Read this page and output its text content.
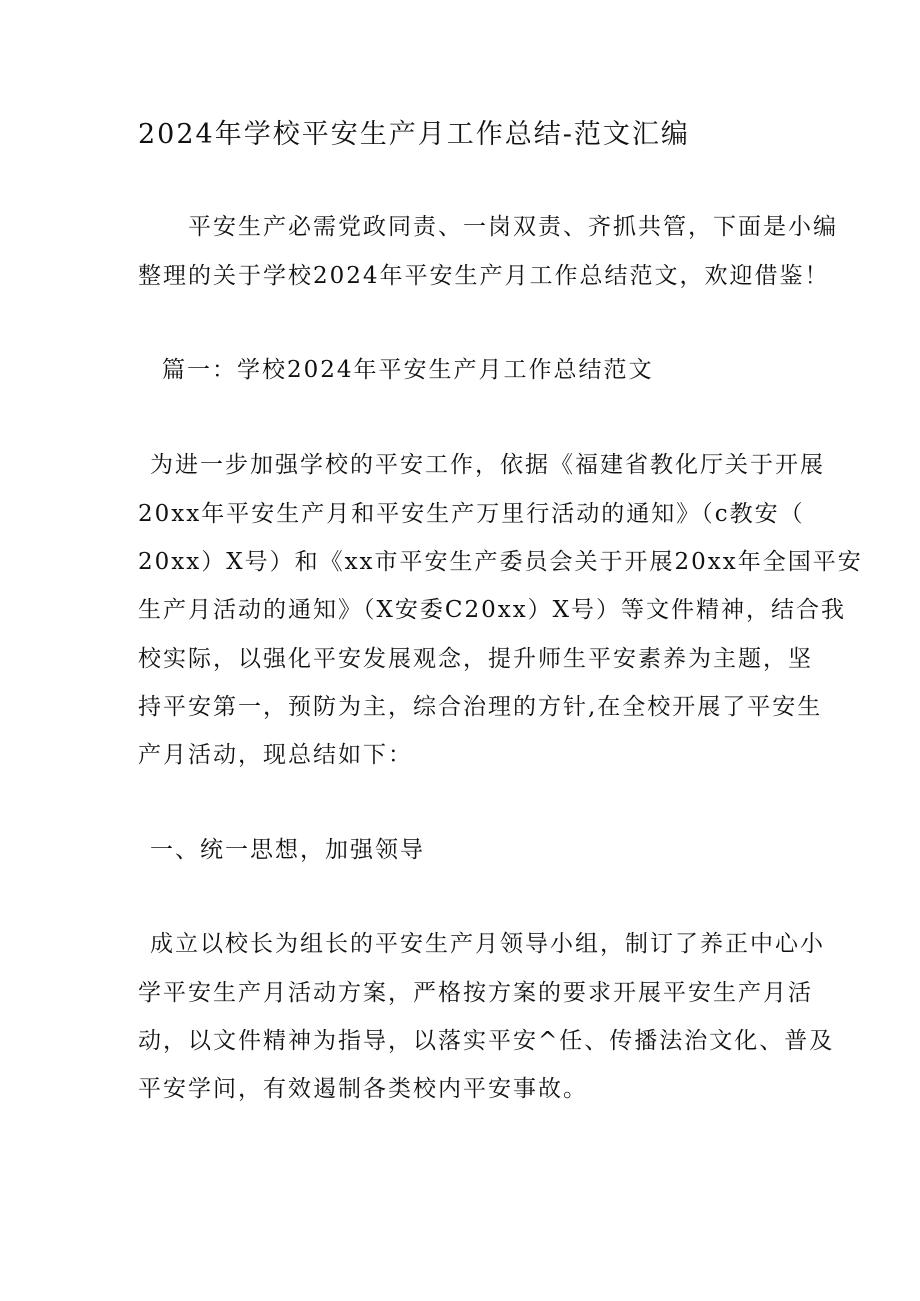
2024年学校平安生产月工作总结-范文汇编
平安生产必需党政同责、一岗双责、齐抓共管，下面是小编
整理的关于学校2024年平安生产月工作总结范文，欢迎借鉴！
篇一：学校2024年平安生产月工作总结范文
为进一步加强学校的平安工作，依据《福建省教化厅关于开展
20xx年平安生产月和平安生产万里行活动的通知》（c教安（
20xx）X号）和《xx市平安生产委员会关于开展20xx年全国平安
生产月活动的通知》（X安委C20xx）X号）等文件精神，结合我
校实际，以强化平安发展观念，提升师生平安素养为主题，坚
持平安第一，预防为主，综合治理的方针,在全校开展了平安生
产月活动，现总结如下：
一、统一思想，加强领导
成立以校长为组长的平安生产月领导小组，制订了养正中心小
学平安生产月活动方案，严格按方案的要求开展平安生产月活
动，以文件精神为指导，以落实平安^任、传播法治文化、普及
平安学问，有效遏制各类校内平安事故。
